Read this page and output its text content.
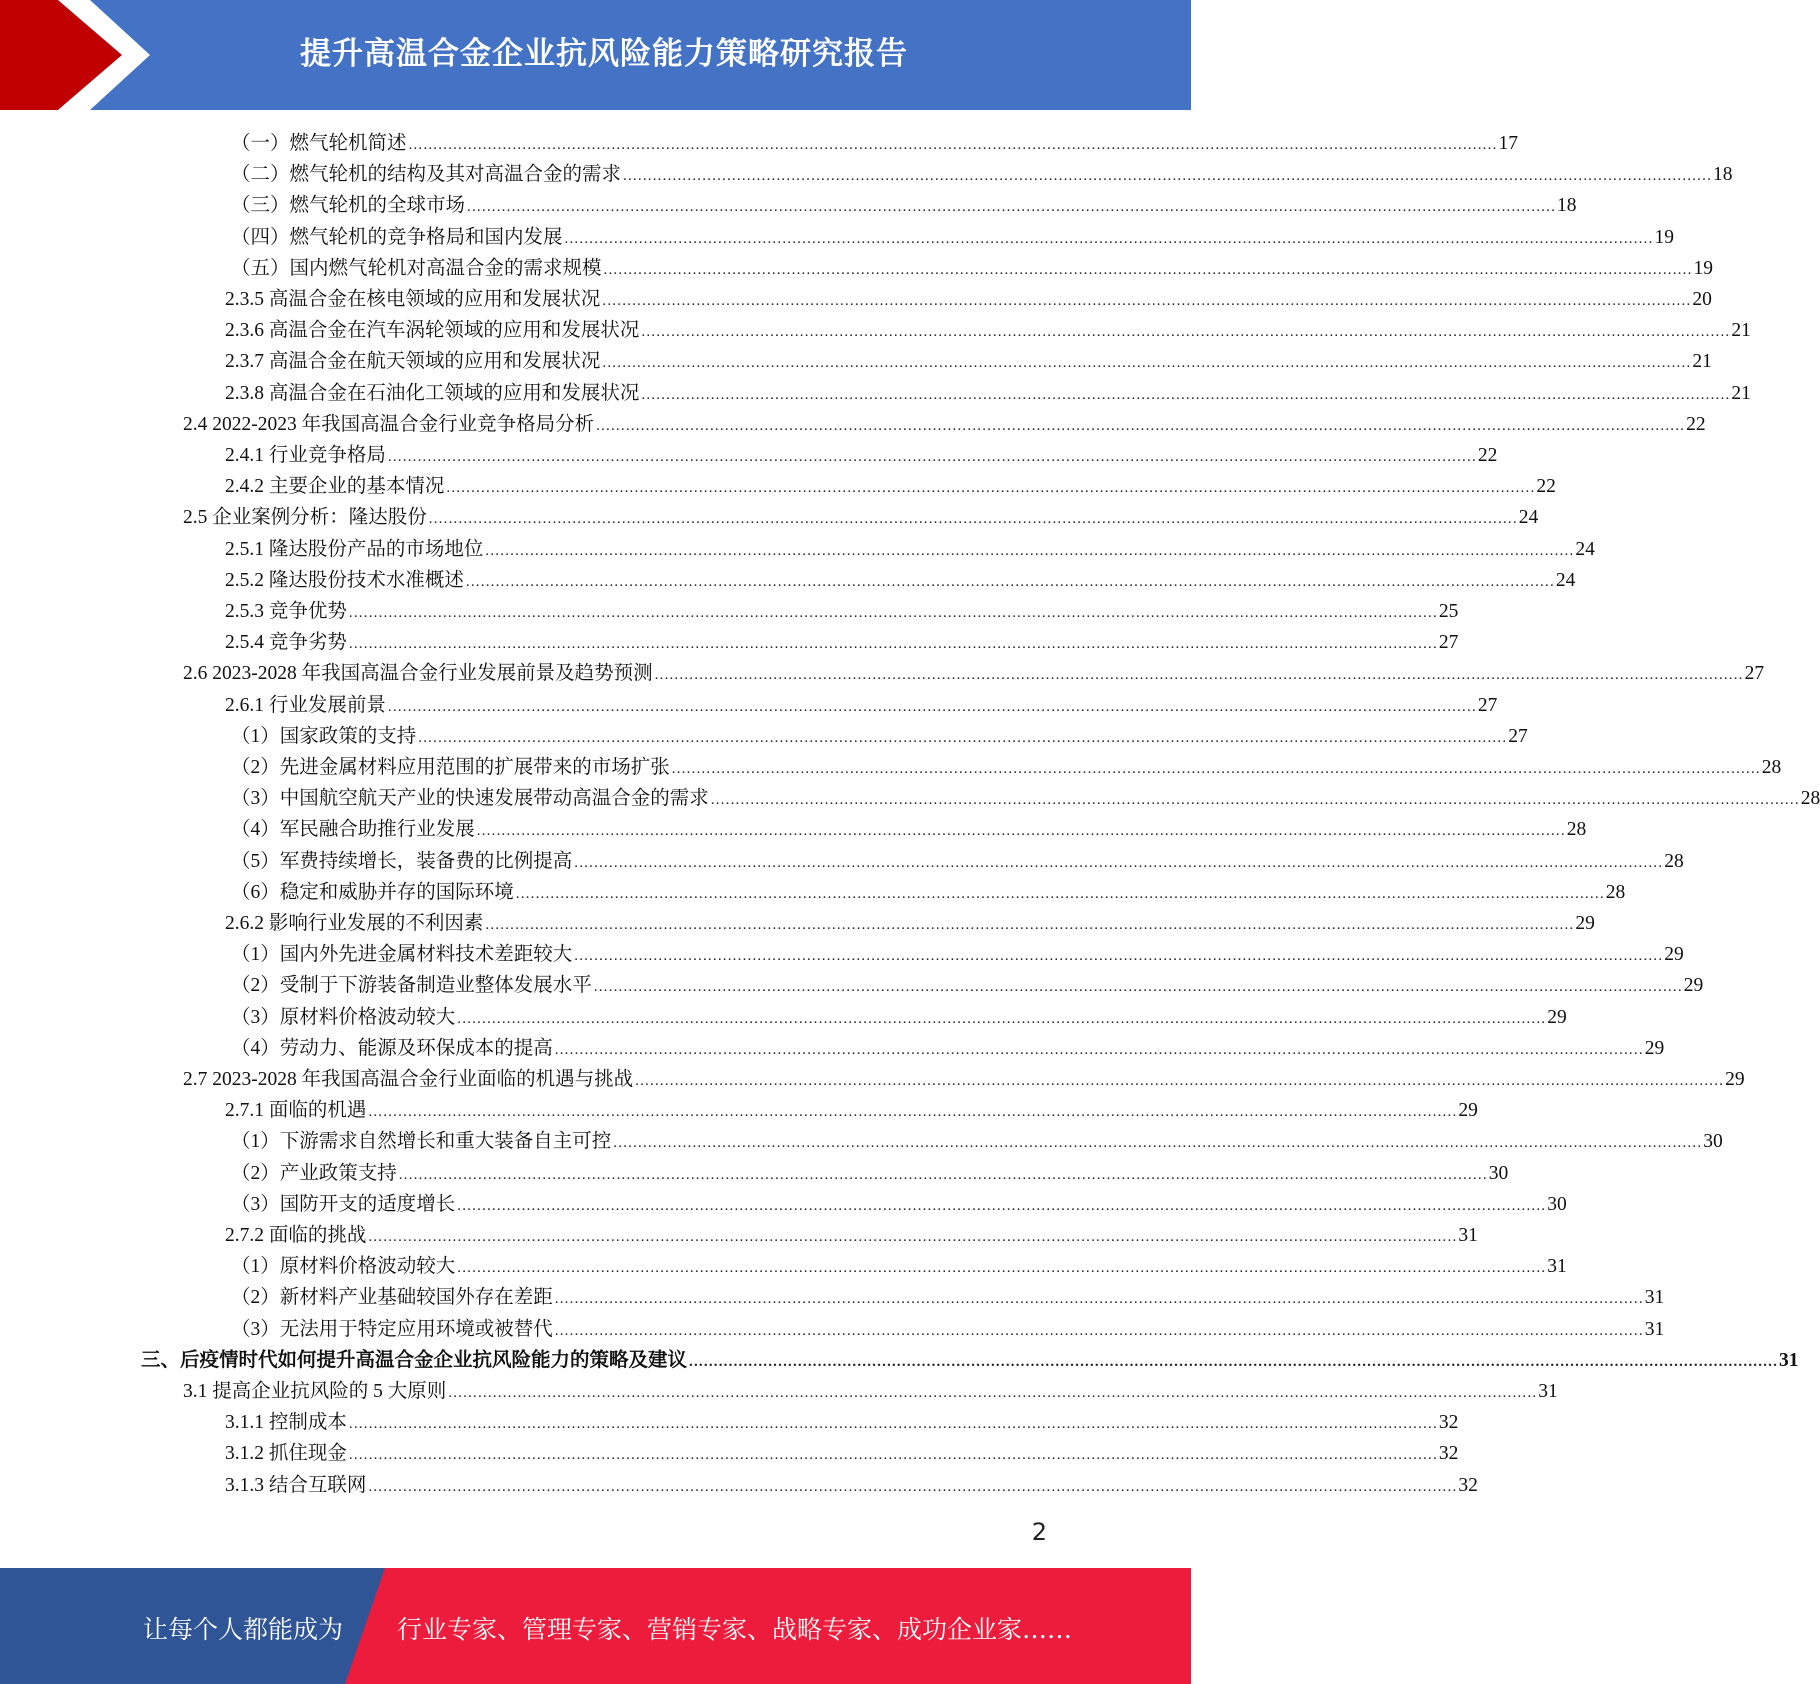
提升高温合金企业抗风险能力策略研究报告
（一）燃气轮机简述 ............................................................................................................................................................................................................................ 17
（二）燃气轮机的结构及其对高温合金的需求 ............................................................................................................................................................................................................................ 18
（三）燃气轮机的全球市场 ............................................................................................................................................................................................................................ 18
（四）燃气轮机的竞争格局和国内发展 ............................................................................................................................................................................................................................ 19
（五）国内燃气轮机对高温合金的需求规模 ............................................................................................................................................................................................................................ 19
2.3.5 高温合金在核电领域的应用和发展状况 ............................................................................................................................................................................................................................ 20
2.3.6 高温合金在汽车涡轮领域的应用和发展状况 ............................................................................................................................................................................................................................ 21
2.3.7 高温合金在航天领域的应用和发展状况 ............................................................................................................................................................................................................................ 21
2.3.8 高温合金在石油化工领域的应用和发展状况 ............................................................................................................................................................................................................................ 21
2.4 2022-2023 年我国高温合金行业竞争格局分析 ............................................................................................................................................................................................................................ 22
2.4.1 行业竞争格局 ............................................................................................................................................................................................................................ 22
2.4.2 主要企业的基本情况 ............................................................................................................................................................................................................................ 22
2.5 企业案例分析：隆达股份 ............................................................................................................................................................................................................................ 24
2.5.1 隆达股份产品的市场地位 ............................................................................................................................................................................................................................ 24
2.5.2 隆达股份技术水准概述 ............................................................................................................................................................................................................................ 24
2.5.3 竞争优势 ............................................................................................................................................................................................................................ 25
2.5.4 竞争劣势 ............................................................................................................................................................................................................................ 27
2.6 2023-2028 年我国高温合金行业发展前景及趋势预测 ............................................................................................................................................................................................................................ 27
2.6.1 行业发展前景 ............................................................................................................................................................................................................................ 27
（1）国家政策的支持 ............................................................................................................................................................................................................................ 27
（2）先进金属材料应用范围的扩展带来的市场扩张 ............................................................................................................................................................................................................................ 28
（3）中国航空航天产业的快速发展带动高温合金的需求 ............................................................................................................................................................................................................................ 28
（4）军民融合助推行业发展 ............................................................................................................................................................................................................................ 28
（5）军费持续增长，装备费的比例提高 ............................................................................................................................................................................................................................ 28
（6）稳定和威胁并存的国际环境 ............................................................................................................................................................................................................................ 28
2.6.2 影响行业发展的不利因素 ............................................................................................................................................................................................................................ 29
（1）国内外先进金属材料技术差距较大 ............................................................................................................................................................................................................................ 29
（2）受制于下游装备制造业整体发展水平 ............................................................................................................................................................................................................................ 29
（3）原材料价格波动较大 ............................................................................................................................................................................................................................ 29
（4）劳动力、能源及环保成本的提高 ............................................................................................................................................................................................................................ 29
2.7 2023-2028 年我国高温合金行业面临的机遇与挑战 ............................................................................................................................................................................................................................ 29
2.7.1 面临的机遇 ............................................................................................................................................................................................................................ 29
（1）下游需求自然增长和重大装备自主可控 ............................................................................................................................................................................................................................ 30
（2）产业政策支持 ............................................................................................................................................................................................................................ 30
（3）国防开支的适度增长 ............................................................................................................................................................................................................................ 30
2.7.2 面临的挑战 ............................................................................................................................................................................................................................ 31
（1）原材料价格波动较大 ............................................................................................................................................................................................................................ 31
（2）新材料产业基础较国外存在差距 ............................................................................................................................................................................................................................ 31
（3）无法用于特定应用环境或被替代 ............................................................................................................................................................................................................................ 31
三、后疫情时代如何提升高温合金企业抗风险能力的策略及建议 ............................................................................................................................................................................................................................ 31
3.1 提高企业抗风险的 5 大原则 ............................................................................................................................................................................................................................ 31
3.1.1 控制成本 ............................................................................................................................................................................................................................ 32
3.1.2 抓住现金 ............................................................................................................................................................................................................................ 32
3.1.3 结合互联网 ............................................................................................................................................................................................................................ 32
2
让每个人都能成为 行业专家、管理专家、营销专家、战略专家、成功企业家……
